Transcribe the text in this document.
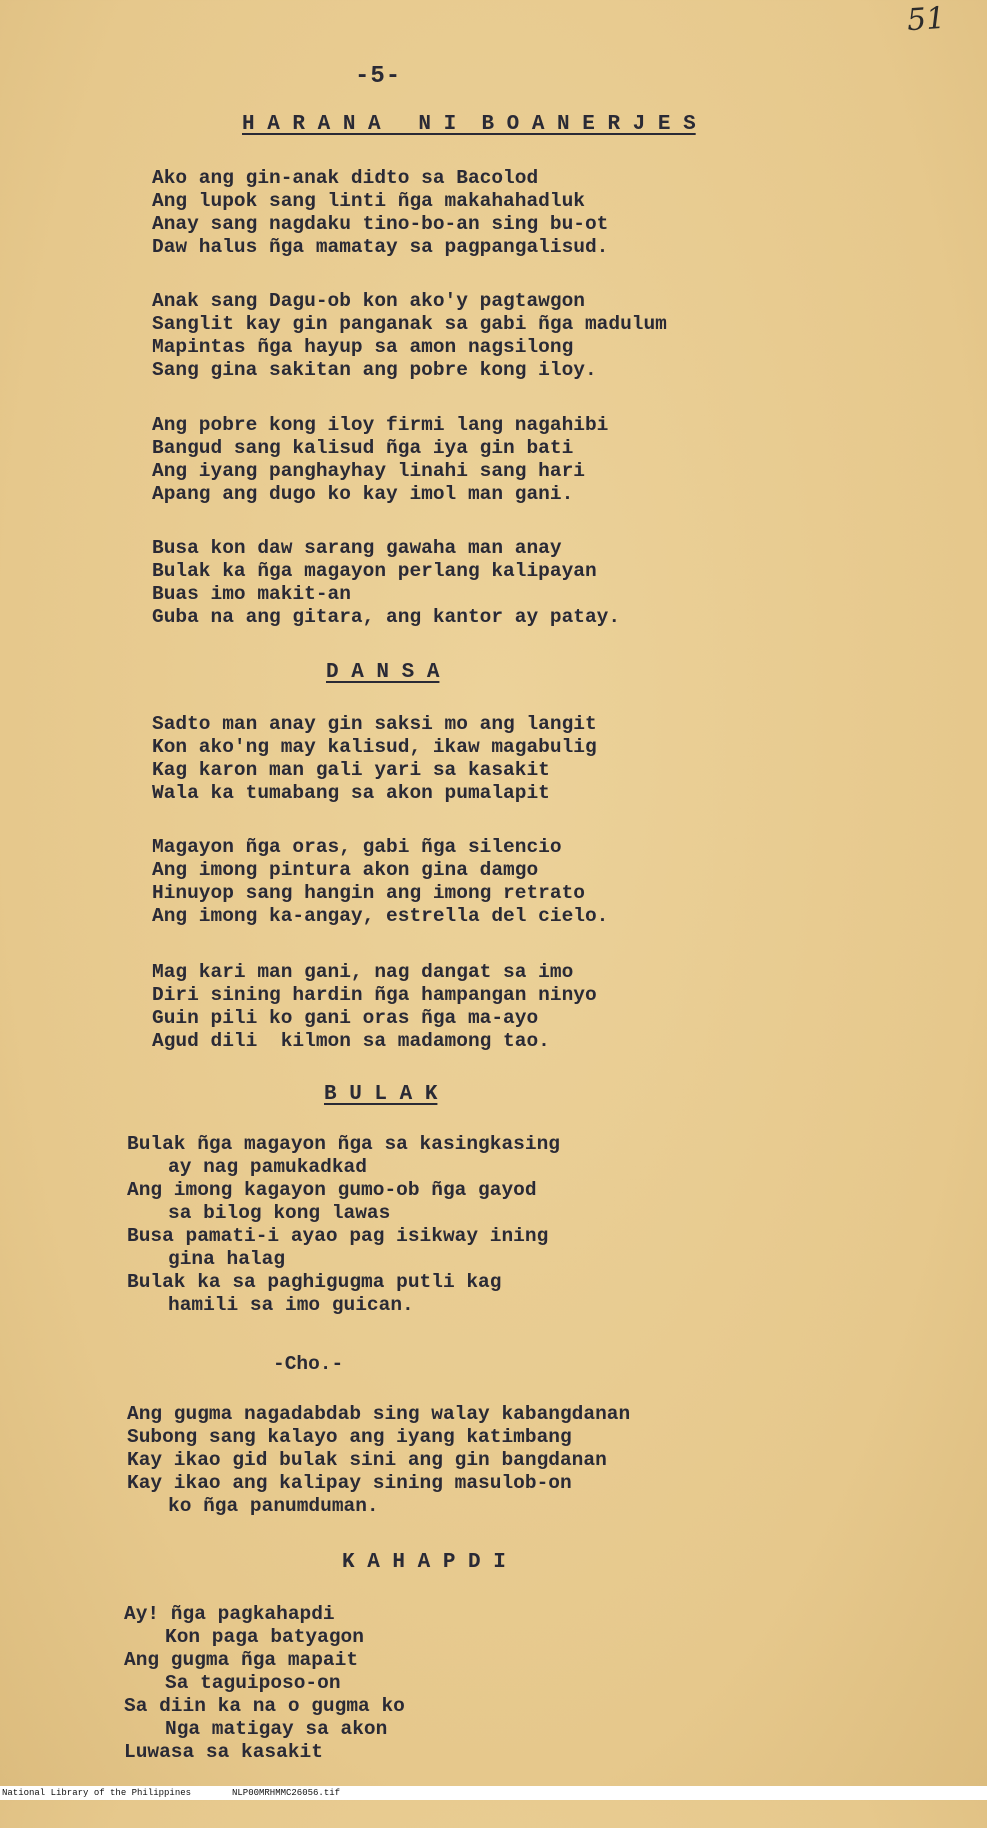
51
-5-
H A R A N A   N I  B O A N E R J E S
Ako ang gin-anak didto sa Bacolod
Ang lupok sang linti ñga makahahadluk
Anay sang nagdaku tino-bo-an sing bu-ot
Daw halus ñga mamatay sa pagpangalisud.
Anak sang Dagu-ob kon ako'y pagtawgon
Sanglit kay gin panganak sa gabi ñga madulum
Mapintas ñga hayup sa amon nagsilong
Sang gina sakitan ang pobre kong iloy.
Ang pobre kong iloy firmi lang nagahibi
Bangud sang kalisud ñga iya gin bati
Ang iyang panghayhay linahi sang hari
Apang ang dugo ko kay imol man gani.
Busa kon daw sarang gawaha man anay
Bulak ka ñga magayon perlang kalipayan
Buas imo makit-an
Guba na ang gitara, ang kantor ay patay.
D A N S A
Sadto man anay gin saksi mo ang langit
Kon ako'ng may kalisud, ikaw magabulig
Kag karon man gali yari sa kasakit
Wala ka tumabang sa akon pumalapit
Magayon ñga oras, gabi ñga silencio
Ang imong pintura akon gina damgo
Hinuyop sang hangin ang imong retrato
Ang imong ka-angay, estrella del cielo.
Mag kari man gani, nag dangat sa imo
Diri sining hardin ñga hampangan ninyo
Guin pili ko gani oras ñga ma-ayo
Agud dili  kilmon sa madamong tao.
B U L A K
Bulak ñga magayon ñga sa kasingkasing
ay nag pamukadkad
Ang imong kagayon gumo-ob ñga gayod
sa bilog kong lawas
Busa pamati-i ayao pag isikway ining
gina halag
Bulak ka sa paghigugma putli kag
hamili sa imo guican.
-Cho.-
Ang gugma nagadabdab sing walay kabangdanan
Subong sang kalayo ang iyang katimbang
Kay ikao gid bulak sini ang gin bangdanan
Kay ikao ang kalipay sining masulob-on
ko ñga panumduman.
K A H A P D I
Ay! ñga pagkahapdi
Kon paga batyagon
Ang gugma ñga mapait
Sa taguiposo-on
Sa diin ka na o gugma ko
Nga matigay sa akon
Luwasa sa kasakit

National Library of the Philippines

	NLP00MRHMMC26056.tif
